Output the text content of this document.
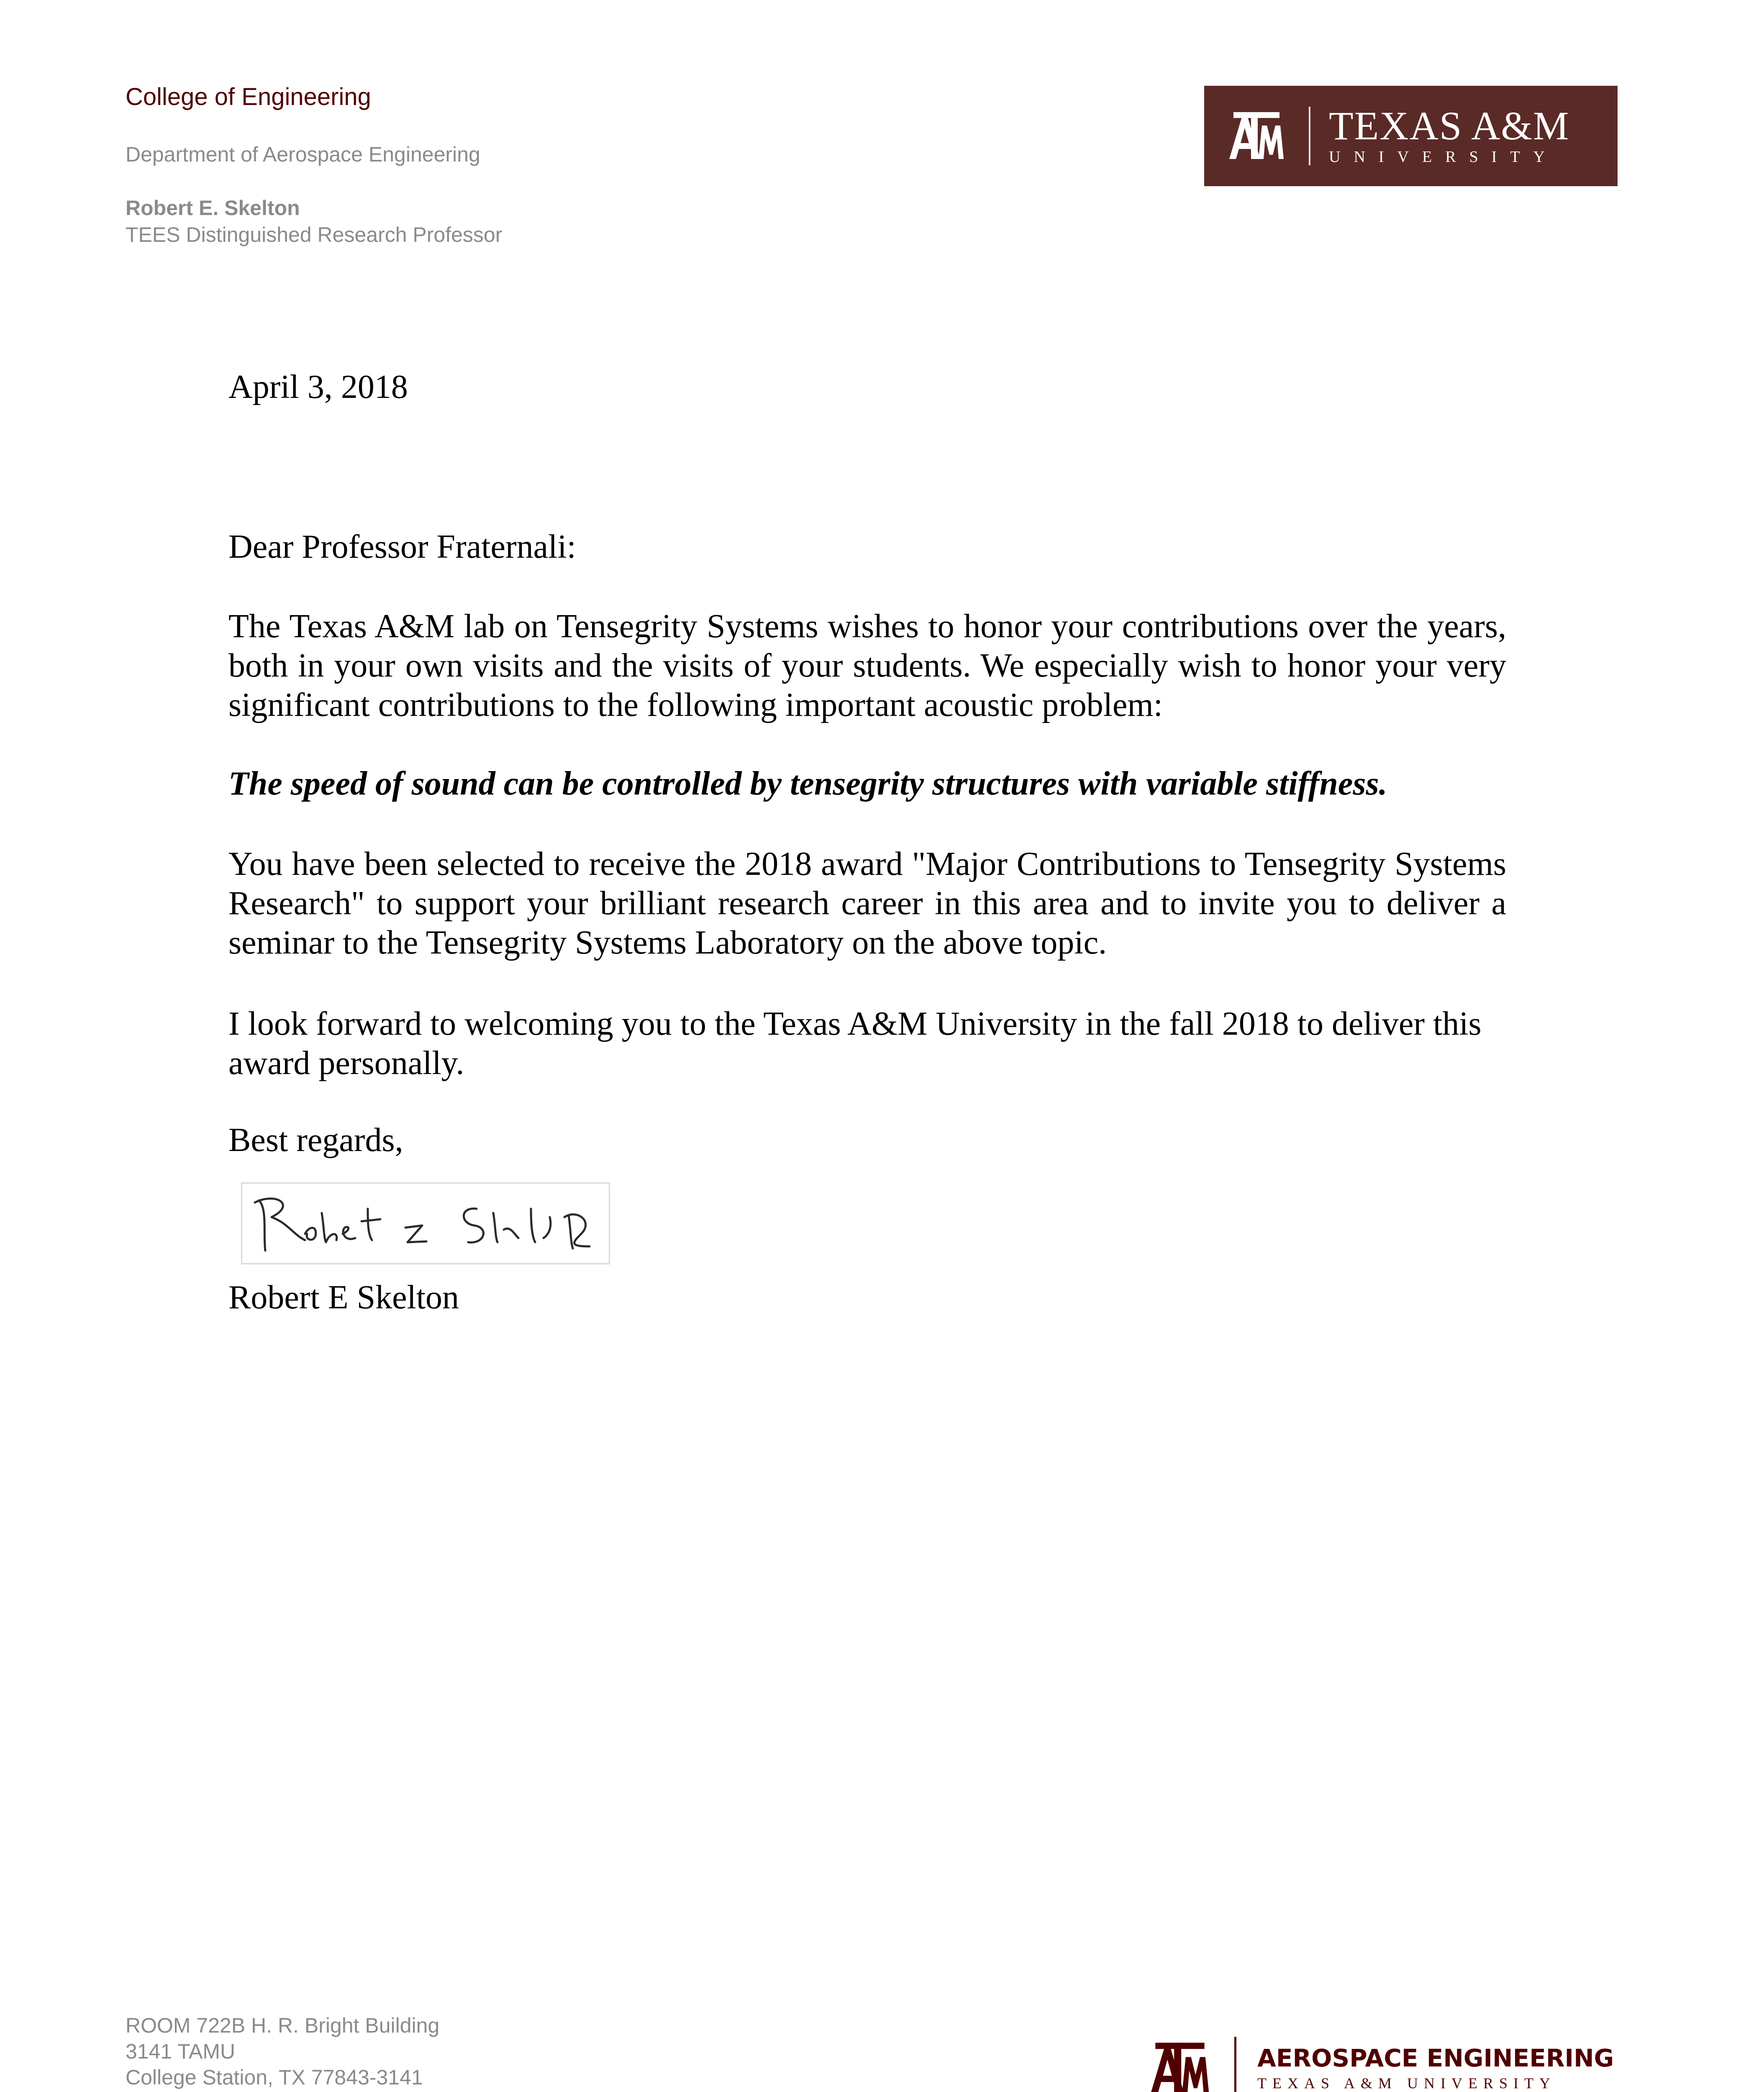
College of Engineering
Department of Aerospace Engineering
Robert E. Skelton
TEES Distinguished Research Professor
TEXAS A&M
UNIVERSITY
April 3, 2018
Dear Professor Fraternali:
The Texas A&M lab on Tensegrity Systems wishes to honor your contributions over the years, both in your own visits and the visits of your students. We especially wish to honor your very significant contributions to the following important acoustic problem:
The speed of sound can be controlled by tensegrity structures with variable stiffness.
You have been selected to receive the 2018 award "Major Contributions to Tensegrity Systems Research" to support your brilliant research career in this area and to invite you to deliver a seminar to the Tensegrity Systems Laboratory on the above topic.
I look forward to welcoming you to the Texas A&M University in the fall 2018 to deliver this award personally.
Best regards,
Robert E Skelton
ROOM 722B H. R. Bright Building
3141 TAMU
College Station, TX 77843-3141
AEROSPACE ENGINEERING
TEXAS A&M UNIVERSITY
